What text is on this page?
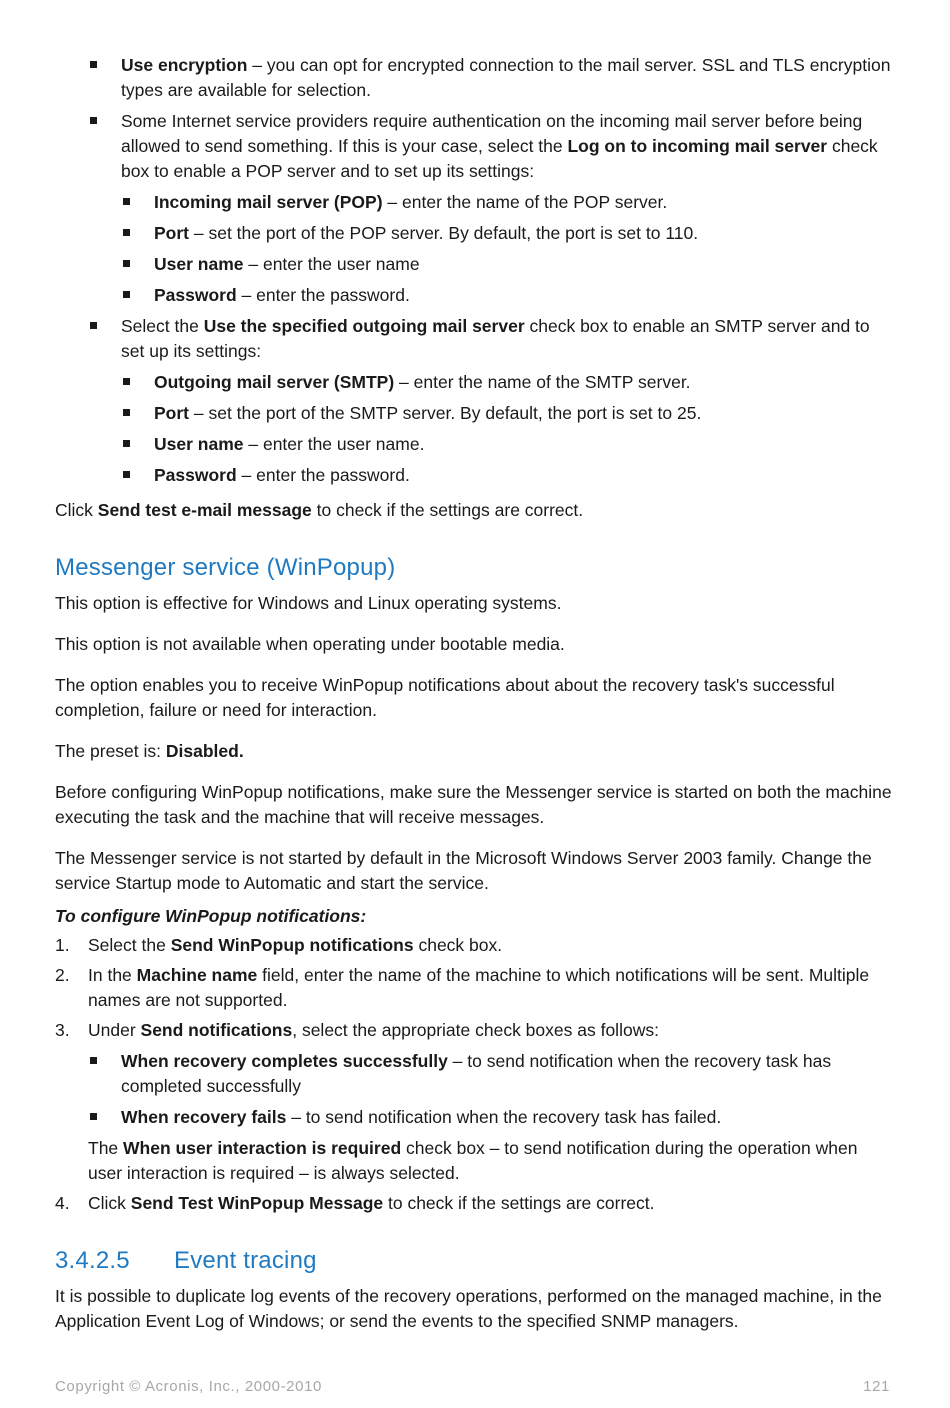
Use encryption – you can opt for encrypted connection to the mail server. SSL and TLS encryption types are available for selection.
Some Internet service providers require authentication on the incoming mail server before being allowed to send something. If this is your case, select the Log on to incoming mail server check box to enable a POP server and to set up its settings:
Incoming mail server (POP) – enter the name of the POP server.
Port – set the port of the POP server. By default, the port is set to 110.
User name – enter the user name
Password – enter the password.
Select the Use the specified outgoing mail server check box to enable an SMTP server and to set up its settings:
Outgoing mail server (SMTP) – enter the name of the SMTP server.
Port – set the port of the SMTP server. By default, the port is set to 25.
User name – enter the user name.
Password – enter the password.

Click Send test e-mail message to check if the settings are correct.

Messenger service (WinPopup)

This option is effective for Windows and Linux operating systems.

This option is not available when operating under bootable media.

The option enables you to receive WinPopup notifications about about the recovery task's successful completion, failure or need for interaction.

The preset is: Disabled.

Before configuring WinPopup notifications, make sure the Messenger service is started on both the machine executing the task and the machine that will receive messages.

The Messenger service is not started by default in the Microsoft Windows Server 2003 family. Change the service Startup mode to Automatic and start the service.

To configure WinPopup notifications:
1. Select the Send WinPopup notifications check box.
2. In the Machine name field, enter the name of the machine to which notifications will be sent. Multiple names are not supported.
3. Under Send notifications, select the appropriate check boxes as follows:
When recovery completes successfully – to send notification when the recovery task has completed successfully
When recovery fails – to send notification when the recovery task has failed.
The When user interaction is required check box – to send notification during the operation when user interaction is required – is always selected.
4. Click Send Test WinPopup Message to check if the settings are correct.
3.4.2.5 Event tracing

It is possible to duplicate log events of the recovery operations, performed on the managed machine, in the Application Event Log of Windows; or send the events to the specified SNMP managers.

Copyright © Acronis, Inc., 2000-2010	121
